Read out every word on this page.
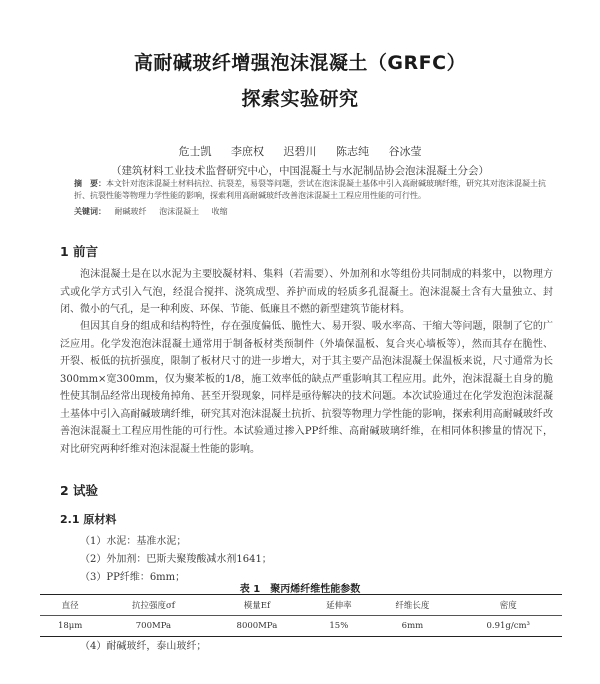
高耐碱玻纤增强泡沫混凝土（GRFC）
探索实验研究
危士凯 李庶权 迟碧川 陈志纯 谷冰莹
（建筑材料工业技术监督研究中心，中国混凝土与水泥制品协会泡沫混凝土分会）
摘　要：本文针对泡沫混凝土材料抗拉、抗裂差，易裂等问题，尝试在泡沫混凝土基体中引入高耐碱玻璃纤维，研究其对泡沫混凝土抗折、抗裂性能等物理力学性能的影响，探索利用高耐碱玻纤改善泡沫混凝土工程应用性能的可行性。
关键词： 耐碱玻纤 泡沫混凝土 收缩
1 前言
泡沫混凝土是在以水泥为主要胶凝材料、集料（若需要）、外加剂和水等组份共同制成的料浆中，以物理方式或化学方式引入气泡，经混合搅拌、浇筑成型、养护而成的轻质多孔混凝土。泡沫混凝土含有大量独立、封闭、微小的气孔，是一种利废、环保、节能、低廉且不燃的新型建筑节能材料。
但因其自身的组成和结构特性，存在强度偏低、脆性大、易开裂、吸水率高、干缩大等问题，限制了它的广泛应用。化学发泡泡沫混凝土通常用于制备板材类预制件（外墙保温板、复合夹心墙板等），然而其存在脆性、开裂、板低的抗折强度，限制了板材尺寸的进一步增大，对于其主要产品泡沫混凝土保温板来说，尺寸通常为长300mm×宽300mm，仅为聚苯板的1/8，施工效率低的缺点严重影响其工程应用。此外，泡沫混凝土自身的脆性使其制品经常出现棱角掉角、甚至开裂现象，同样是亟待解决的技术问题。本次试验通过在化学发泡泡沫混凝土基体中引入高耐碱玻璃纤维，研究其对泡沫混凝土抗折、抗裂等物理力学性能的影响，探索利用高耐碱玻纤改善泡沫混凝土工程应用性能的可行性。本试验通过掺入PP纤维、高耐碱玻璃纤维，在相同体积掺量的情况下，对比研究两种纤维对泡沫混凝土性能的影响。
2 试验
2.1 原材料
（1）水泥：基准水泥；
（2）外加剂：巴斯夫聚羧酸减水剂1641；
（3）PP纤维：6mm；
表 1　聚丙烯纤维性能参数
直径	抗拉强度σf	模量Ef	延伸率	纤维长度	密度
18μm	700MPa	8000MPa	15%	6mm	0.91g/cm³
（4）耐碱玻纤，泰山玻纤；
